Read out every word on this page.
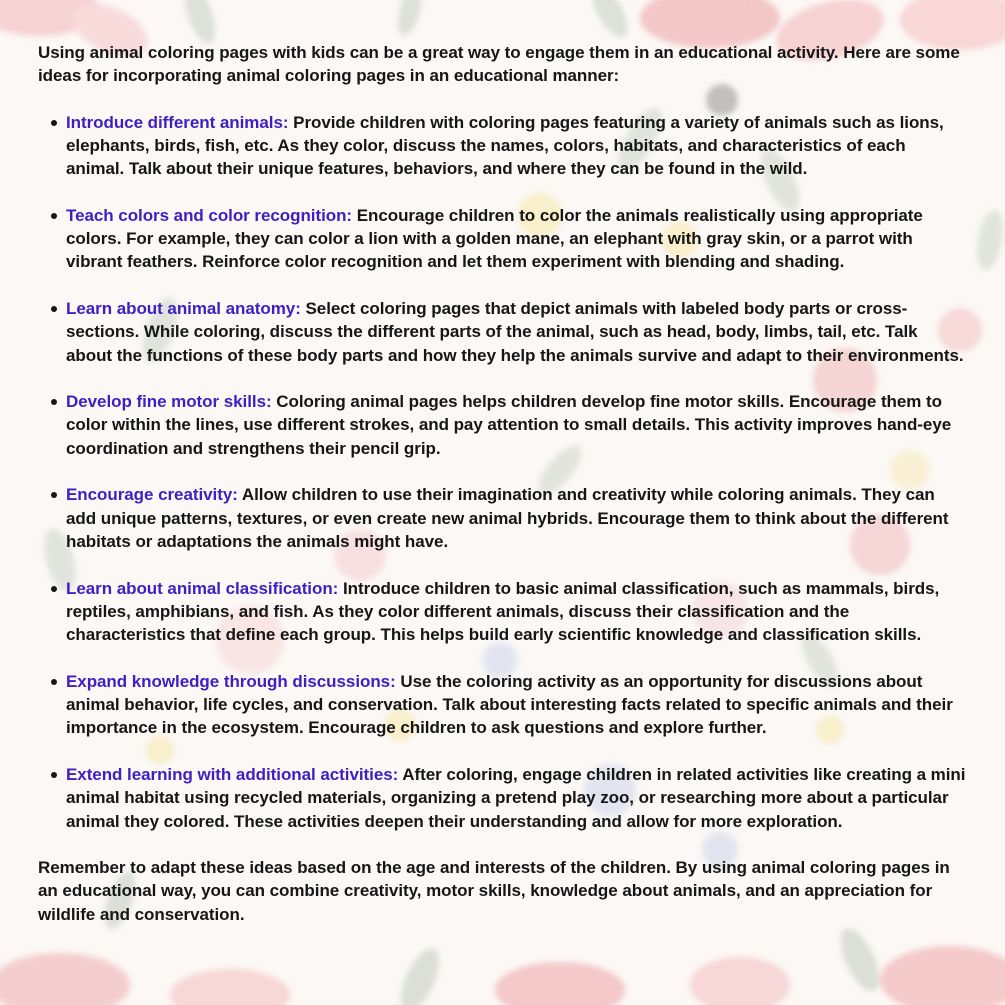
Using animal coloring pages with kids can be a great way to engage them in an educational activity. Here are some ideas for incorporating animal coloring pages in an educational manner:

Introduce different animals: Provide children with coloring pages featuring a variety of animals such as lions, elephants, birds, fish, etc. As they color, discuss the names, colors, habitats, and characteristics of each animal. Talk about their unique features, behaviors, and where they can be found in the wild.
Teach colors and color recognition: Encourage children to color the animals realistically using appropriate colors. For example, they can color a lion with a golden mane, an elephant with gray skin, or a parrot with vibrant feathers. Reinforce color recognition and let them experiment with blending and shading.
Learn about animal anatomy: Select coloring pages that depict animals with labeled body parts or cross-sections. While coloring, discuss the different parts of the animal, such as head, body, limbs, tail, etc. Talk about the functions of these body parts and how they help the animals survive and adapt to their environments.
Develop fine motor skills: Coloring animal pages helps children develop fine motor skills. Encourage them to color within the lines, use different strokes, and pay attention to small details. This activity improves hand-eye coordination and strengthens their pencil grip.
Encourage creativity: Allow children to use their imagination and creativity while coloring animals. They can add unique patterns, textures, or even create new animal hybrids. Encourage them to think about the different habitats or adaptations the animals might have.
Learn about animal classification: Introduce children to basic animal classification, such as mammals, birds, reptiles, amphibians, and fish. As they color different animals, discuss their classification and the characteristics that define each group. This helps build early scientific knowledge and classification skills.
Expand knowledge through discussions: Use the coloring activity as an opportunity for discussions about animal behavior, life cycles, and conservation. Talk about interesting facts related to specific animals and their importance in the ecosystem. Encourage children to ask questions and explore further.
Extend learning with additional activities: After coloring, engage children in related activities like creating a mini animal habitat using recycled materials, organizing a pretend play zoo, or researching more about a particular animal they colored. These activities deepen their understanding and allow for more exploration.

Remember to adapt these ideas based on the age and interests of the children. By using animal coloring pages in an educational way, you can combine creativity, motor skills, knowledge about animals, and an appreciation for wildlife and conservation.
